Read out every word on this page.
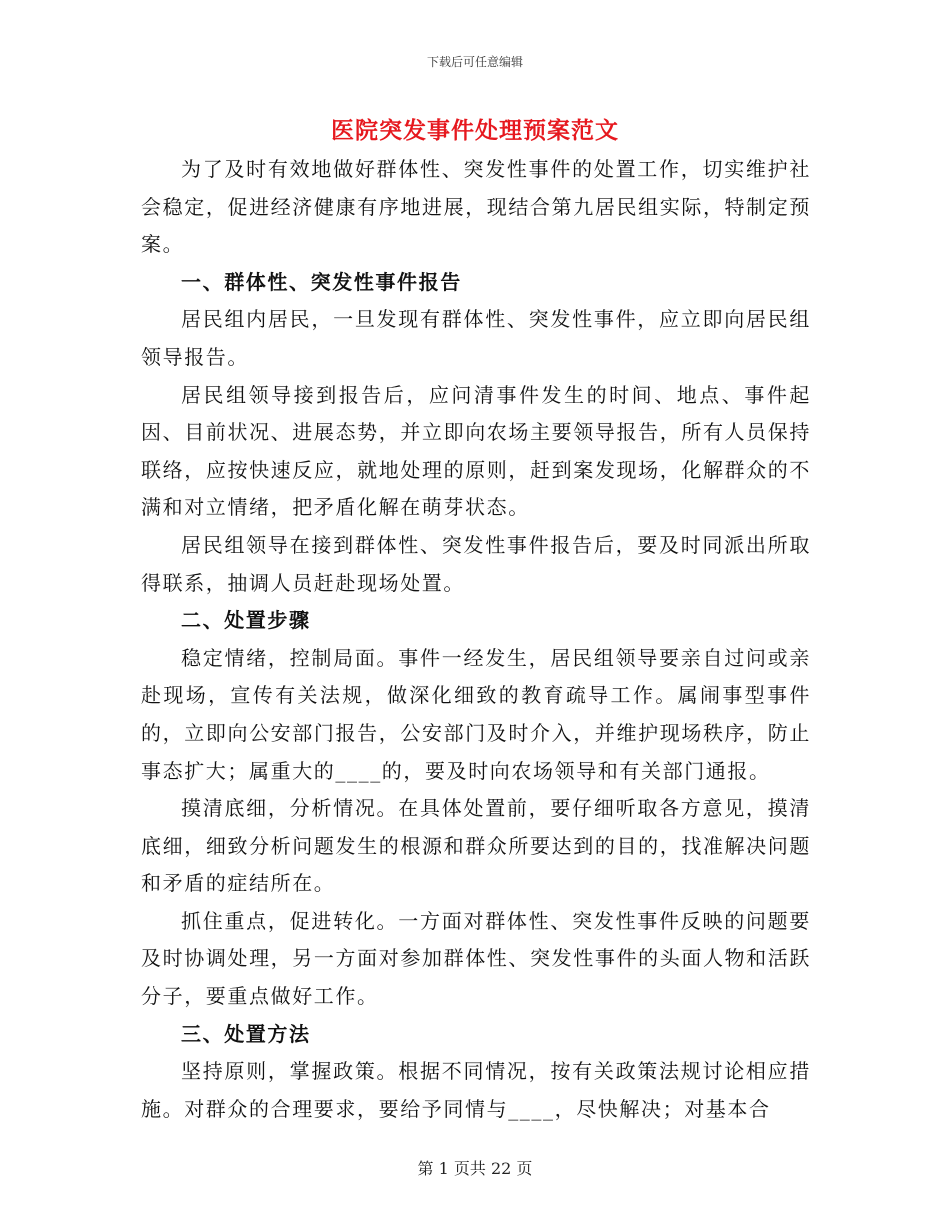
下载后可任意编辑
医院突发事件处理预案范文

为了及时有效地做好群体性、突发性事件的处置工作，切实维护社会稳定，促进经济健康有序地进展，现结合第九居民组实际，特制定预案。

一、群体性、突发性事件报告

居民组内居民，一旦发现有群体性、突发性事件，应立即向居民组领导报告。

居民组领导接到报告后，应问清事件发生的时间、地点、事件起因、目前状况、进展态势，并立即向农场主要领导报告，所有人员保持联络，应按快速反应，就地处理的原则，赶到案发现场，化解群众的不满和对立情绪，把矛盾化解在萌芽状态。

居民组领导在接到群体性、突发性事件报告后，要及时同派出所取得联系，抽调人员赶赴现场处置。

二、处置步骤

稳定情绪，控制局面。事件一经发生，居民组领导要亲自过问或亲赴现场，宣传有关法规，做深化细致的教育疏导工作。属闹事型事件的，立即向公安部门报告，公安部门及时介入，并维护现场秩序，防止事态扩大；属重大的____的，要及时向农场领导和有关部门通报。

摸清底细，分析情况。在具体处置前，要仔细听取各方意见，摸清底细，细致分析问题发生的根源和群众所要达到的目的，找准解决问题和矛盾的症结所在。

抓住重点，促进转化。一方面对群体性、突发性事件反映的问题要及时协调处理，另一方面对参加群体性、突发性事件的头面人物和活跃分子，要重点做好工作。

三、处置方法

坚持原则，掌握政策。根据不同情况，按有关政策法规讨论相应措施。对群众的合理要求，要给予同情与____，尽快解决；对基本合

第 1 页共 22 页
